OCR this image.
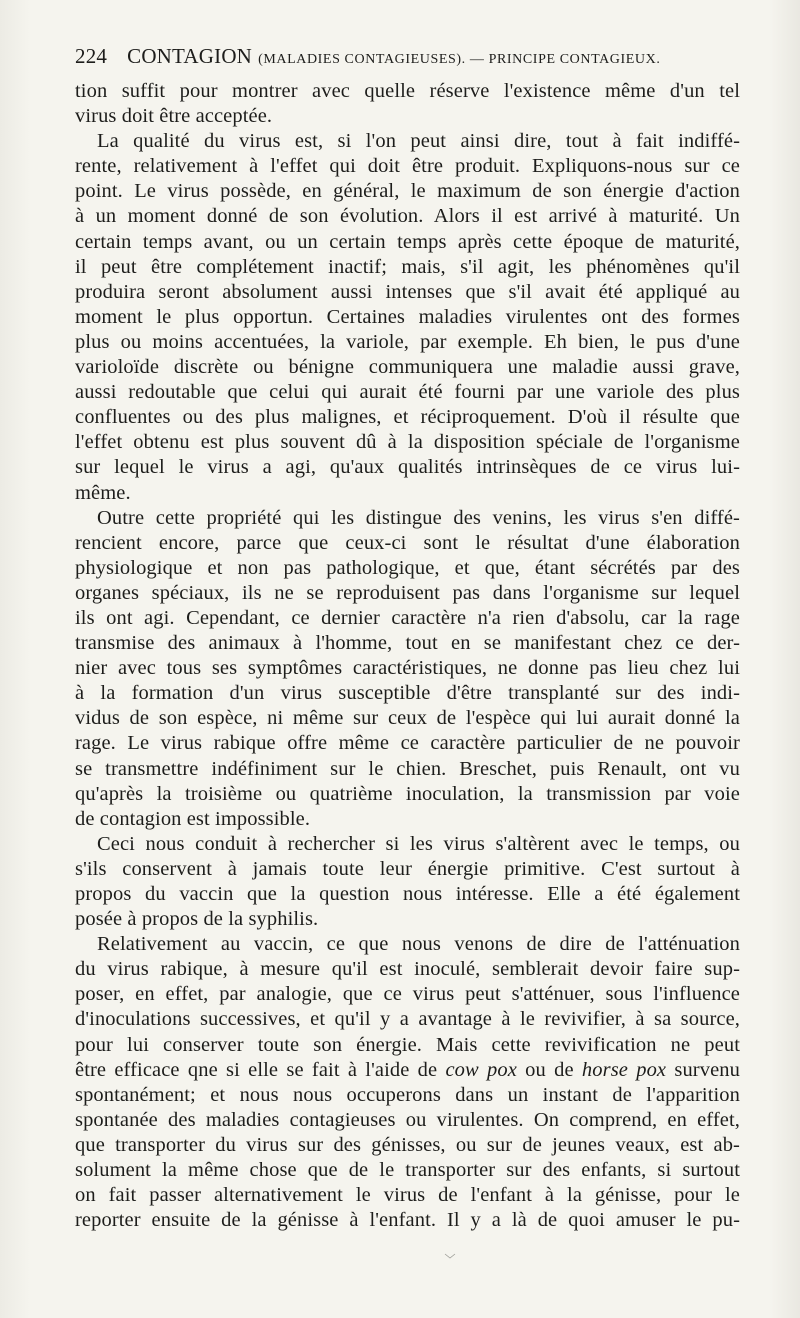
224 CONTAGION (MALADIES CONTAGIEUSES). — PRINCIPE CONTAGIEUX.
tion suffit pour montrer avec quelle réserve l'existence même d'un tel
virus doit être acceptée.
La qualité du virus est, si l'on peut ainsi dire, tout à fait indiffé-
rente, relativement à l'effet qui doit être produit. Expliquons-nous sur ce
point. Le virus possède, en général, le maximum de son énergie d'action
à un moment donné de son évolution. Alors il est arrivé à maturité. Un
certain temps avant, ou un certain temps après cette époque de maturité,
il peut être complétement inactif; mais, s'il agit, les phénomènes qu'il
produira seront absolument aussi intenses que s'il avait été appliqué au
moment le plus opportun. Certaines maladies virulentes ont des formes
plus ou moins accentuées, la variole, par exemple. Eh bien, le pus d'une
varioloïde discrète ou bénigne communiquera une maladie aussi grave,
aussi redoutable que celui qui aurait été fourni par une variole des plus
confluentes ou des plus malignes, et réciproquement. D'où il résulte que
l'effet obtenu est plus souvent dû à la disposition spéciale de l'organisme
sur lequel le virus a agi, qu'aux qualités intrinsèques de ce virus lui-
même.
Outre cette propriété qui les distingue des venins, les virus s'en diffé-
rencient encore, parce que ceux-ci sont le résultat d'une élaboration
physiologique et non pas pathologique, et que, étant sécrétés par des
organes spéciaux, ils ne se reproduisent pas dans l'organisme sur lequel
ils ont agi. Cependant, ce dernier caractère n'a rien d'absolu, car la rage
transmise des animaux à l'homme, tout en se manifestant chez ce der-
nier avec tous ses symptômes caractéristiques, ne donne pas lieu chez lui
à la formation d'un virus susceptible d'être transplanté sur des indi-
vidus de son espèce, ni même sur ceux de l'espèce qui lui aurait donné la
rage. Le virus rabique offre même ce caractère particulier de ne pouvoir
se transmettre indéfiniment sur le chien. Breschet, puis Renault, ont vu
qu'après la troisième ou quatrième inoculation, la transmission par voie
de contagion est impossible.
Ceci nous conduit à rechercher si les virus s'altèrent avec le temps, ou
s'ils conservent à jamais toute leur énergie primitive. C'est surtout à
propos du vaccin que la question nous intéresse. Elle a été également
posée à propos de la syphilis.
Relativement au vaccin, ce que nous venons de dire de l'atténuation
du virus rabique, à mesure qu'il est inoculé, semblerait devoir faire sup-
poser, en effet, par analogie, que ce virus peut s'atténuer, sous l'influence
d'inoculations successives, et qu'il y a avantage à le revivifier, à sa source,
pour lui conserver toute son énergie. Mais cette revivification ne peut
être efficace qne si elle se fait à l'aide de cow pox ou de horse pox survenu
spontanément; et nous nous occuperons dans un instant de l'apparition
spontanée des maladies contagieuses ou virulentes. On comprend, en effet,
que transporter du virus sur des génisses, ou sur de jeunes veaux, est ab-
solument la même chose que de le transporter sur des enfants, si surtout
on fait passer alternativement le virus de l'enfant à la génisse, pour le
reporter ensuite de la génisse à l'enfant. Il y a là de quoi amuser le pu-
